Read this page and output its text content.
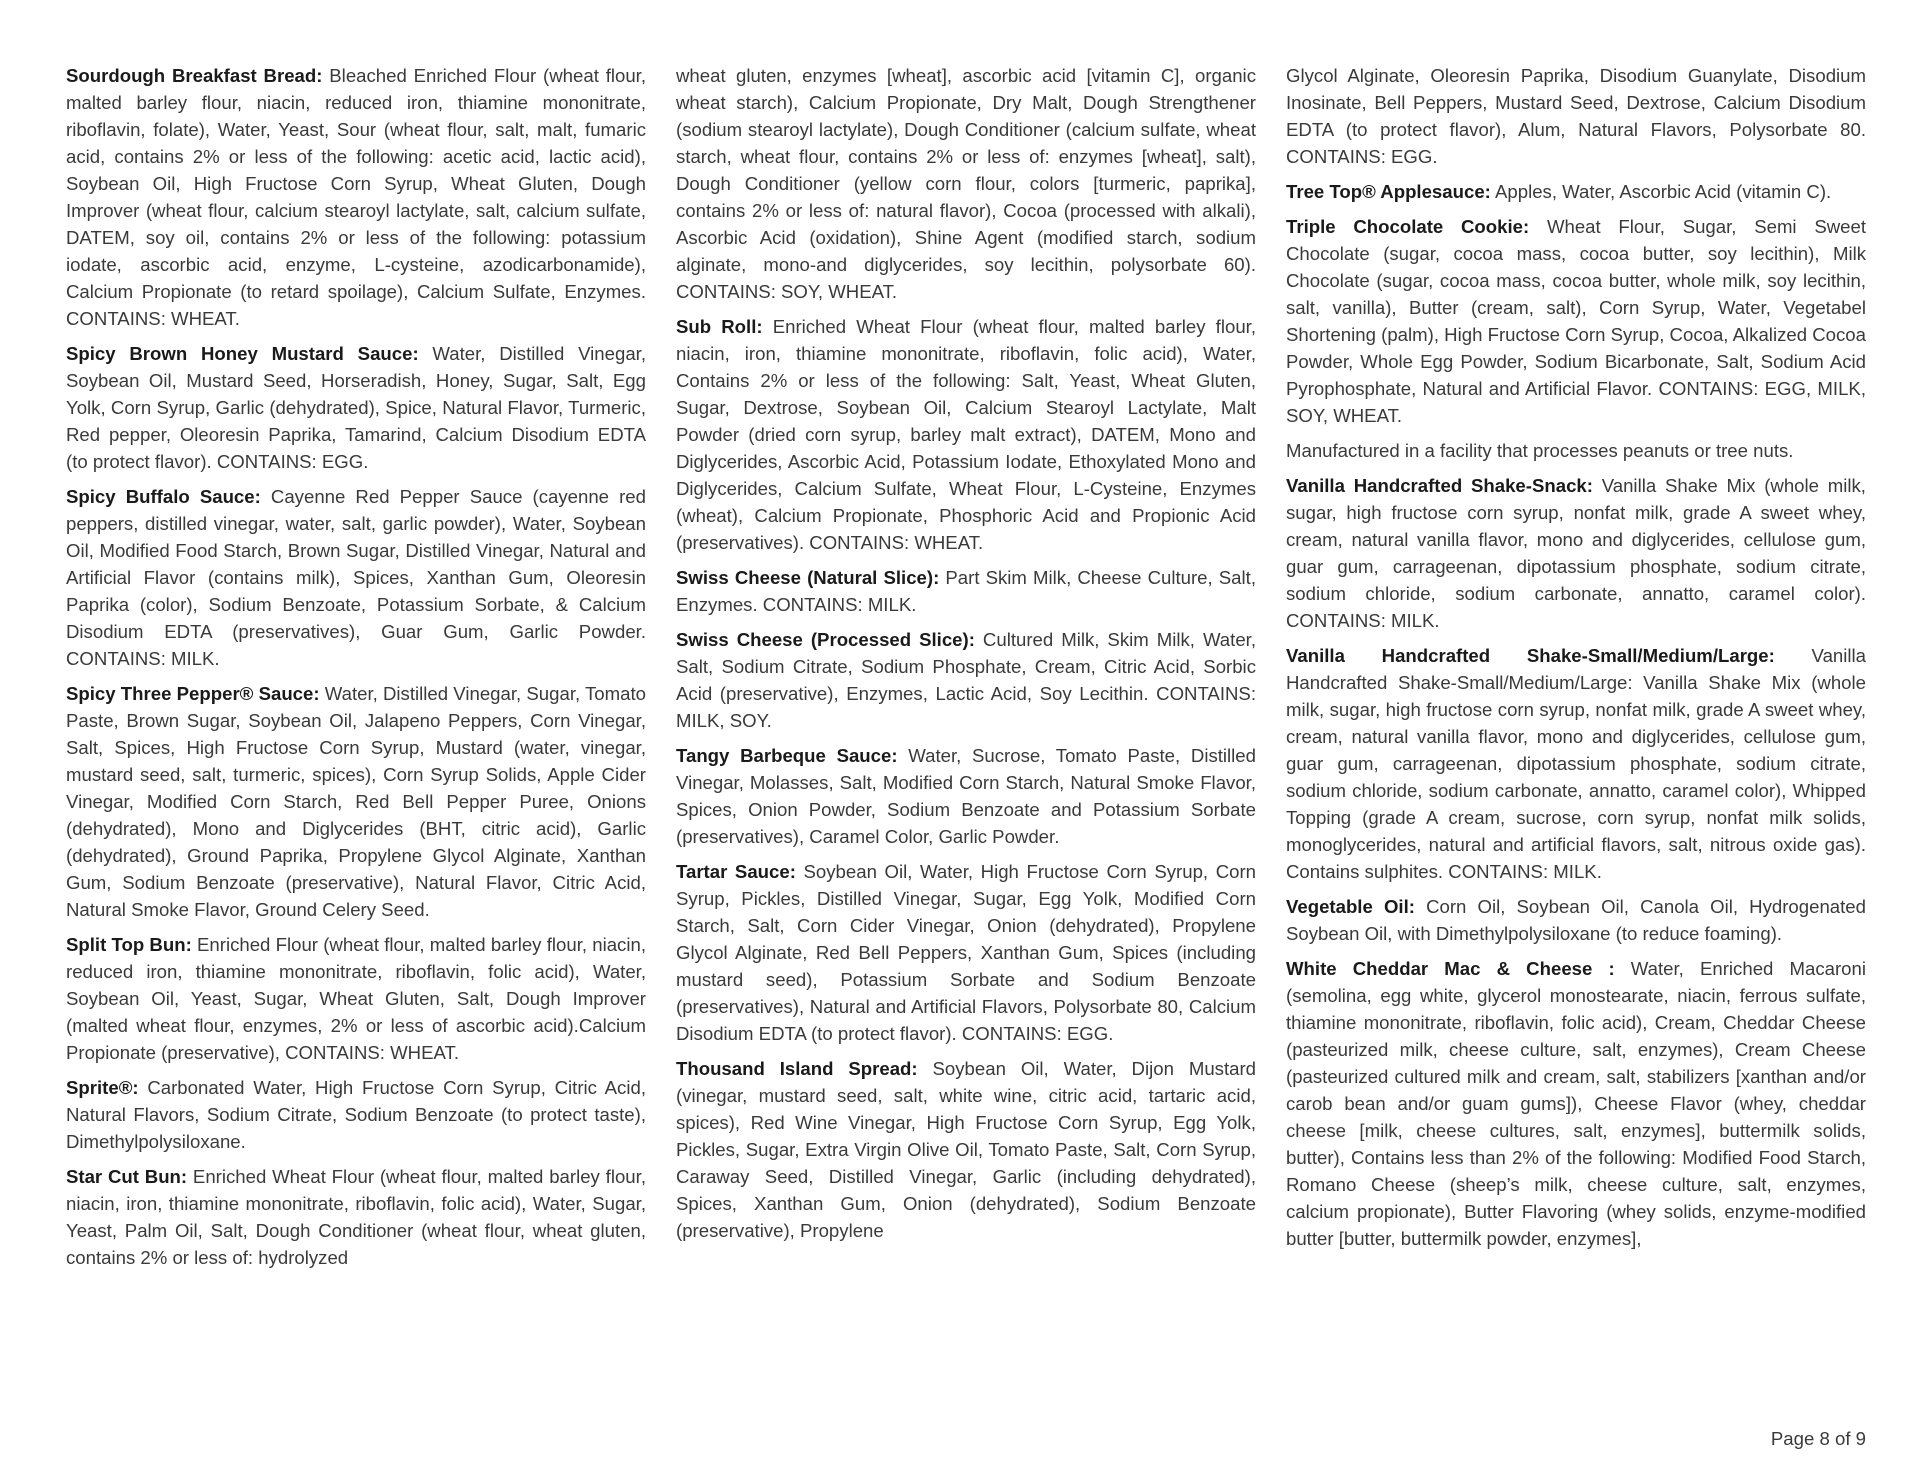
Sourdough Breakfast Bread: Bleached Enriched Flour (wheat flour, malted barley flour, niacin, reduced iron, thiamine mononitrate, riboflavin, folate), Water, Yeast, Sour (wheat flour, salt, malt, fumaric acid, contains 2% or less of the following: acetic acid, lactic acid), Soybean Oil, High Fructose Corn Syrup, Wheat Gluten, Dough Improver (wheat flour, calcium stearoyl lactylate, salt, calcium sulfate, DATEM, soy oil, contains 2% or less of the following: potassium iodate, ascorbic acid, enzyme, L-cysteine, azodicarbonamide), Calcium Propionate (to retard spoilage), Calcium Sulfate, Enzymes. CONTAINS: WHEAT.

Spicy Brown Honey Mustard Sauce: Water, Distilled Vinegar, Soybean Oil, Mustard Seed, Horseradish, Honey, Sugar, Salt, Egg Yolk, Corn Syrup, Garlic (dehydrated), Spice, Natural Flavor, Turmeric, Red pepper, Oleoresin Paprika, Tamarind, Calcium Disodium EDTA (to protect flavor). CONTAINS: EGG.

Spicy Buffalo Sauce: Cayenne Red Pepper Sauce (cayenne red peppers, distilled vinegar, water, salt, garlic powder), Water, Soybean Oil, Modified Food Starch, Brown Sugar, Distilled Vinegar, Natural and Artificial Flavor (contains milk), Spices, Xanthan Gum, Oleoresin Paprika (color), Sodium Benzoate, Potassium Sorbate, & Calcium Disodium EDTA (preservatives), Guar Gum, Garlic Powder. CONTAINS: MILK.

Spicy Three Pepper® Sauce: Water, Distilled Vinegar, Sugar, Tomato Paste, Brown Sugar, Soybean Oil, Jalapeno Peppers, Corn Vinegar, Salt, Spices, High Fructose Corn Syrup, Mustard (water, vinegar, mustard seed, salt, turmeric, spices), Corn Syrup Solids, Apple Cider Vinegar, Modified Corn Starch, Red Bell Pepper Puree, Onions (dehydrated), Mono and Diglycerides (BHT, citric acid), Garlic (dehydrated), Ground Paprika, Propylene Glycol Alginate, Xanthan Gum, Sodium Benzoate (preservative), Natural Flavor, Citric Acid, Natural Smoke Flavor, Ground Celery Seed.

Split Top Bun: Enriched Flour (wheat flour, malted barley flour, niacin, reduced iron, thiamine mononitrate, riboflavin, folic acid), Water, Soybean Oil, Yeast, Sugar, Wheat Gluten, Salt, Dough Improver (malted wheat flour, enzymes, 2% or less of ascorbic acid).Calcium Propionate (preservative), CONTAINS: WHEAT.

Sprite®: Carbonated Water, High Fructose Corn Syrup, Citric Acid, Natural Flavors, Sodium Citrate, Sodium Benzoate (to protect taste), Dimethylpolysiloxane.

Star Cut Bun: Enriched Wheat Flour (wheat flour, malted barley flour, niacin, iron, thiamine mononitrate, riboflavin, folic acid), Water, Sugar, Yeast, Palm Oil, Salt, Dough Conditioner (wheat flour, wheat gluten, contains 2% or less of: hydrolyzed

wheat gluten, enzymes [wheat], ascorbic acid [vitamin C], organic wheat starch), Calcium Propionate, Dry Malt, Dough Strengthener (sodium stearoyl lactylate), Dough Conditioner (calcium sulfate, wheat starch, wheat flour, contains 2% or less of: enzymes [wheat], salt), Dough Conditioner (yellow corn flour, colors [turmeric, paprika], contains 2% or less of: natural flavor), Cocoa (processed with alkali), Ascorbic Acid (oxidation), Shine Agent (modified starch, sodium alginate, mono-and diglycerides, soy lecithin, polysorbate 60). CONTAINS: SOY, WHEAT.

Sub Roll: Enriched Wheat Flour (wheat flour, malted barley flour, niacin, iron, thiamine mononitrate, riboflavin, folic acid), Water, Contains 2% or less of the following: Salt, Yeast, Wheat Gluten, Sugar, Dextrose, Soybean Oil, Calcium Stearoyl Lactylate, Malt Powder (dried corn syrup, barley malt extract), DATEM, Mono and Diglycerides, Ascorbic Acid, Potassium Iodate, Ethoxylated Mono and Diglycerides, Calcium Sulfate, Wheat Flour, L-Cysteine, Enzymes (wheat), Calcium Propionate, Phosphoric Acid and Propionic Acid (preservatives). CONTAINS: WHEAT.

Swiss Cheese (Natural Slice): Part Skim Milk, Cheese Culture, Salt, Enzymes. CONTAINS: MILK.

Swiss Cheese (Processed Slice): Cultured Milk, Skim Milk, Water, Salt, Sodium Citrate, Sodium Phosphate, Cream, Citric Acid, Sorbic Acid (preservative), Enzymes, Lactic Acid, Soy Lecithin. CONTAINS: MILK, SOY.

Tangy Barbeque Sauce: Water, Sucrose, Tomato Paste, Distilled Vinegar, Molasses, Salt, Modified Corn Starch, Natural Smoke Flavor, Spices, Onion Powder, Sodium Benzoate and Potassium Sorbate (preservatives), Caramel Color, Garlic Powder.

Tartar Sauce: Soybean Oil, Water, High Fructose Corn Syrup, Corn Syrup, Pickles, Distilled Vinegar, Sugar, Egg Yolk, Modified Corn Starch, Salt, Corn Cider Vinegar, Onion (dehydrated), Propylene Glycol Alginate, Red Bell Peppers, Xanthan Gum, Spices (including mustard seed), Potassium Sorbate and Sodium Benzoate (preservatives), Natural and Artificial Flavors, Polysorbate 80, Calcium Disodium EDTA (to protect flavor). CONTAINS: EGG.

Thousand Island Spread: Soybean Oil, Water, Dijon Mustard (vinegar, mustard seed, salt, white wine, citric acid, tartaric acid, spices), Red Wine Vinegar, High Fructose Corn Syrup, Egg Yolk, Pickles, Sugar, Extra Virgin Olive Oil, Tomato Paste, Salt, Corn Syrup, Caraway Seed, Distilled Vinegar, Garlic (including dehydrated), Spices, Xanthan Gum, Onion (dehydrated), Sodium Benzoate (preservative), Propylene

Glycol Alginate, Oleoresin Paprika, Disodium Guanylate, Disodium Inosinate, Bell Peppers, Mustard Seed, Dextrose, Calcium Disodium EDTA (to protect flavor), Alum, Natural Flavors, Polysorbate 80. CONTAINS: EGG.

Tree Top® Applesauce: Apples, Water, Ascorbic Acid (vitamin C).

Triple Chocolate Cookie: Wheat Flour, Sugar, Semi Sweet Chocolate (sugar, cocoa mass, cocoa butter, soy lecithin), Milk Chocolate (sugar, cocoa mass, cocoa butter, whole milk, soy lecithin, salt, vanilla), Butter (cream, salt), Corn Syrup, Water, Vegetabel Shortening (palm), High Fructose Corn Syrup, Cocoa, Alkalized Cocoa Powder, Whole Egg Powder, Sodium Bicarbonate, Salt, Sodium Acid Pyrophosphate, Natural and Artificial Flavor. CONTAINS: EGG, MILK, SOY, WHEAT.

Manufactured in a facility that processes peanuts or tree nuts.

Vanilla Handcrafted Shake-Snack: Vanilla Shake Mix (whole milk, sugar, high fructose corn syrup, nonfat milk, grade A sweet whey, cream, natural vanilla flavor, mono and diglycerides, cellulose gum, guar gum, carrageenan, dipotassium phosphate, sodium citrate, sodium chloride, sodium carbonate, annatto, caramel color). CONTAINS: MILK.

Vanilla Handcrafted Shake-Small/Medium/Large: Vanilla Handcrafted Shake-Small/Medium/Large: Vanilla Shake Mix (whole milk, sugar, high fructose corn syrup, nonfat milk, grade A sweet whey, cream, natural vanilla flavor, mono and diglycerides, cellulose gum, guar gum, carrageenan, dipotassium phosphate, sodium citrate, sodium chloride, sodium carbonate, annatto, caramel color), Whipped Topping (grade A cream, sucrose, corn syrup, nonfat milk solids, monoglycerides, natural and artificial flavors, salt, nitrous oxide gas). Contains sulphites. CONTAINS: MILK.

Vegetable Oil: Corn Oil, Soybean Oil, Canola Oil, Hydrogenated Soybean Oil, with Dimethylpolysiloxane (to reduce foaming).

White Cheddar Mac & Cheese : Water, Enriched Macaroni (semolina, egg white, glycerol monostearate, niacin, ferrous sulfate, thiamine mononitrate, riboflavin, folic acid), Cream, Cheddar Cheese (pasteurized milk, cheese culture, salt, enzymes), Cream Cheese (pasteurized cultured milk and cream, salt, stabilizers [xanthan and/or carob bean and/or guam gums]), Cheese Flavor (whey, cheddar cheese [milk, cheese cultures, salt, enzymes], buttermilk solids, butter), Contains less than 2% of the following: Modified Food Starch, Romano Cheese (sheep’s milk, cheese culture, salt, enzymes, calcium propionate), Butter Flavoring (whey solids, enzyme-modified butter [butter, buttermilk powder, enzymes],

Page 8 of 9
